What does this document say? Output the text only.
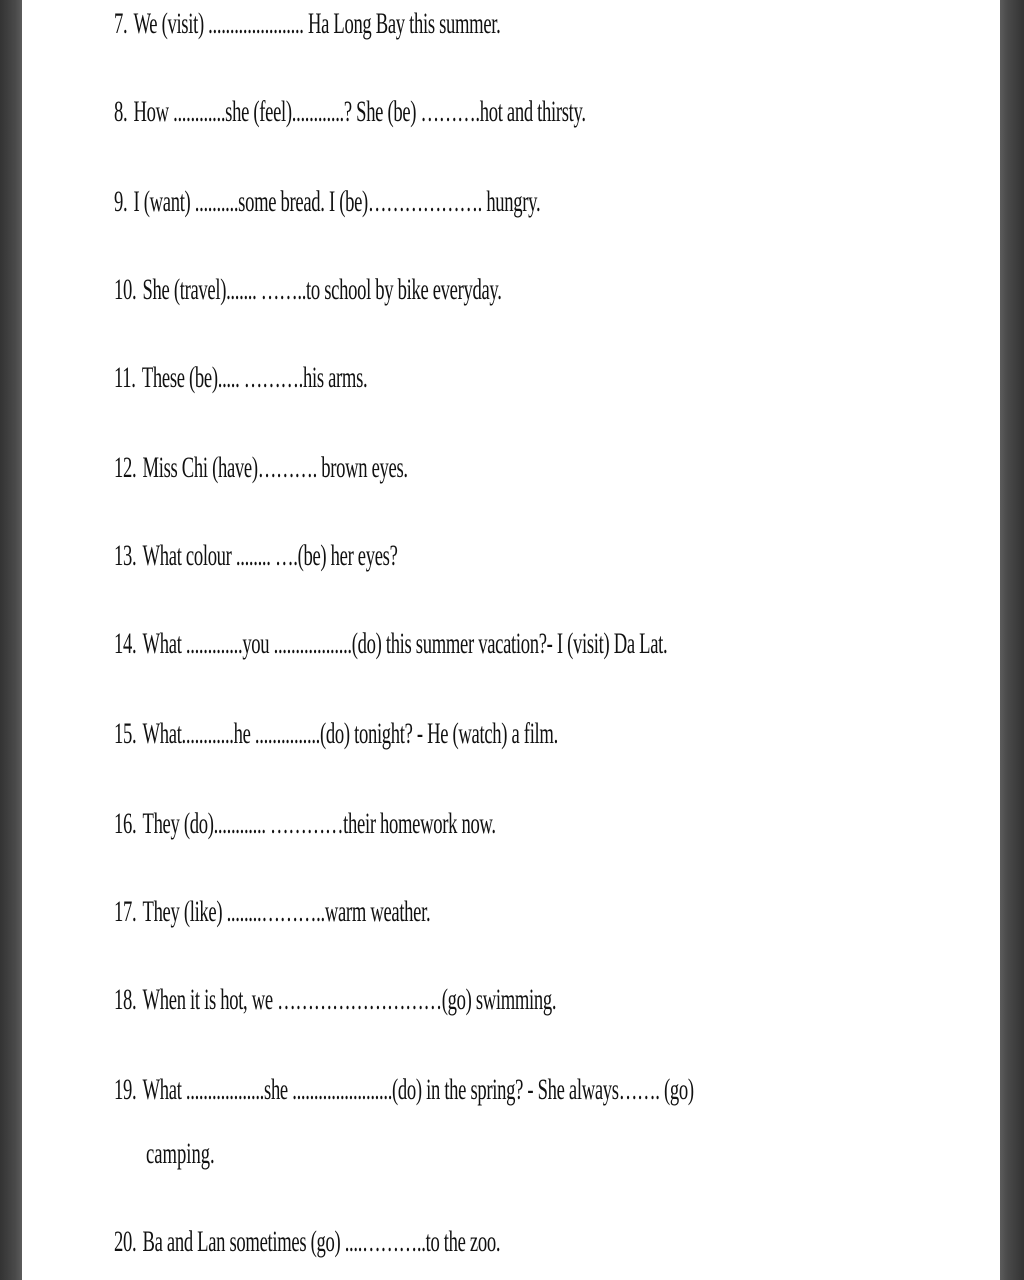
7. We (visit) ...................... Ha Long Bay this summer.
8. How ............she (feel)............? She (be) ……….hot and thirsty.
9. I (want) ..........some bread. I (be)………………. hungry.
10. She (travel)....... ……..to school by bike everyday.
11. These (be)..... ……….his arms.
12. Miss Chi (have)………. brown eyes.
13. What colour ........ ….(be) her eyes?
14. What .............you ..................(do) this summer vacation?- I (visit) Da Lat.
15. What............he ...............(do) tonight? - He (watch) a film.
16. They (do)............ …………their homework now.
17. They (like) ........………..warm weather.
18. When it is hot, we ………………………(go) swimming.
19. What ..................she .......................(do) in the spring? - She always……. (go)
camping.
20. Ba and Lan sometimes (go) ....………..to the zoo.
